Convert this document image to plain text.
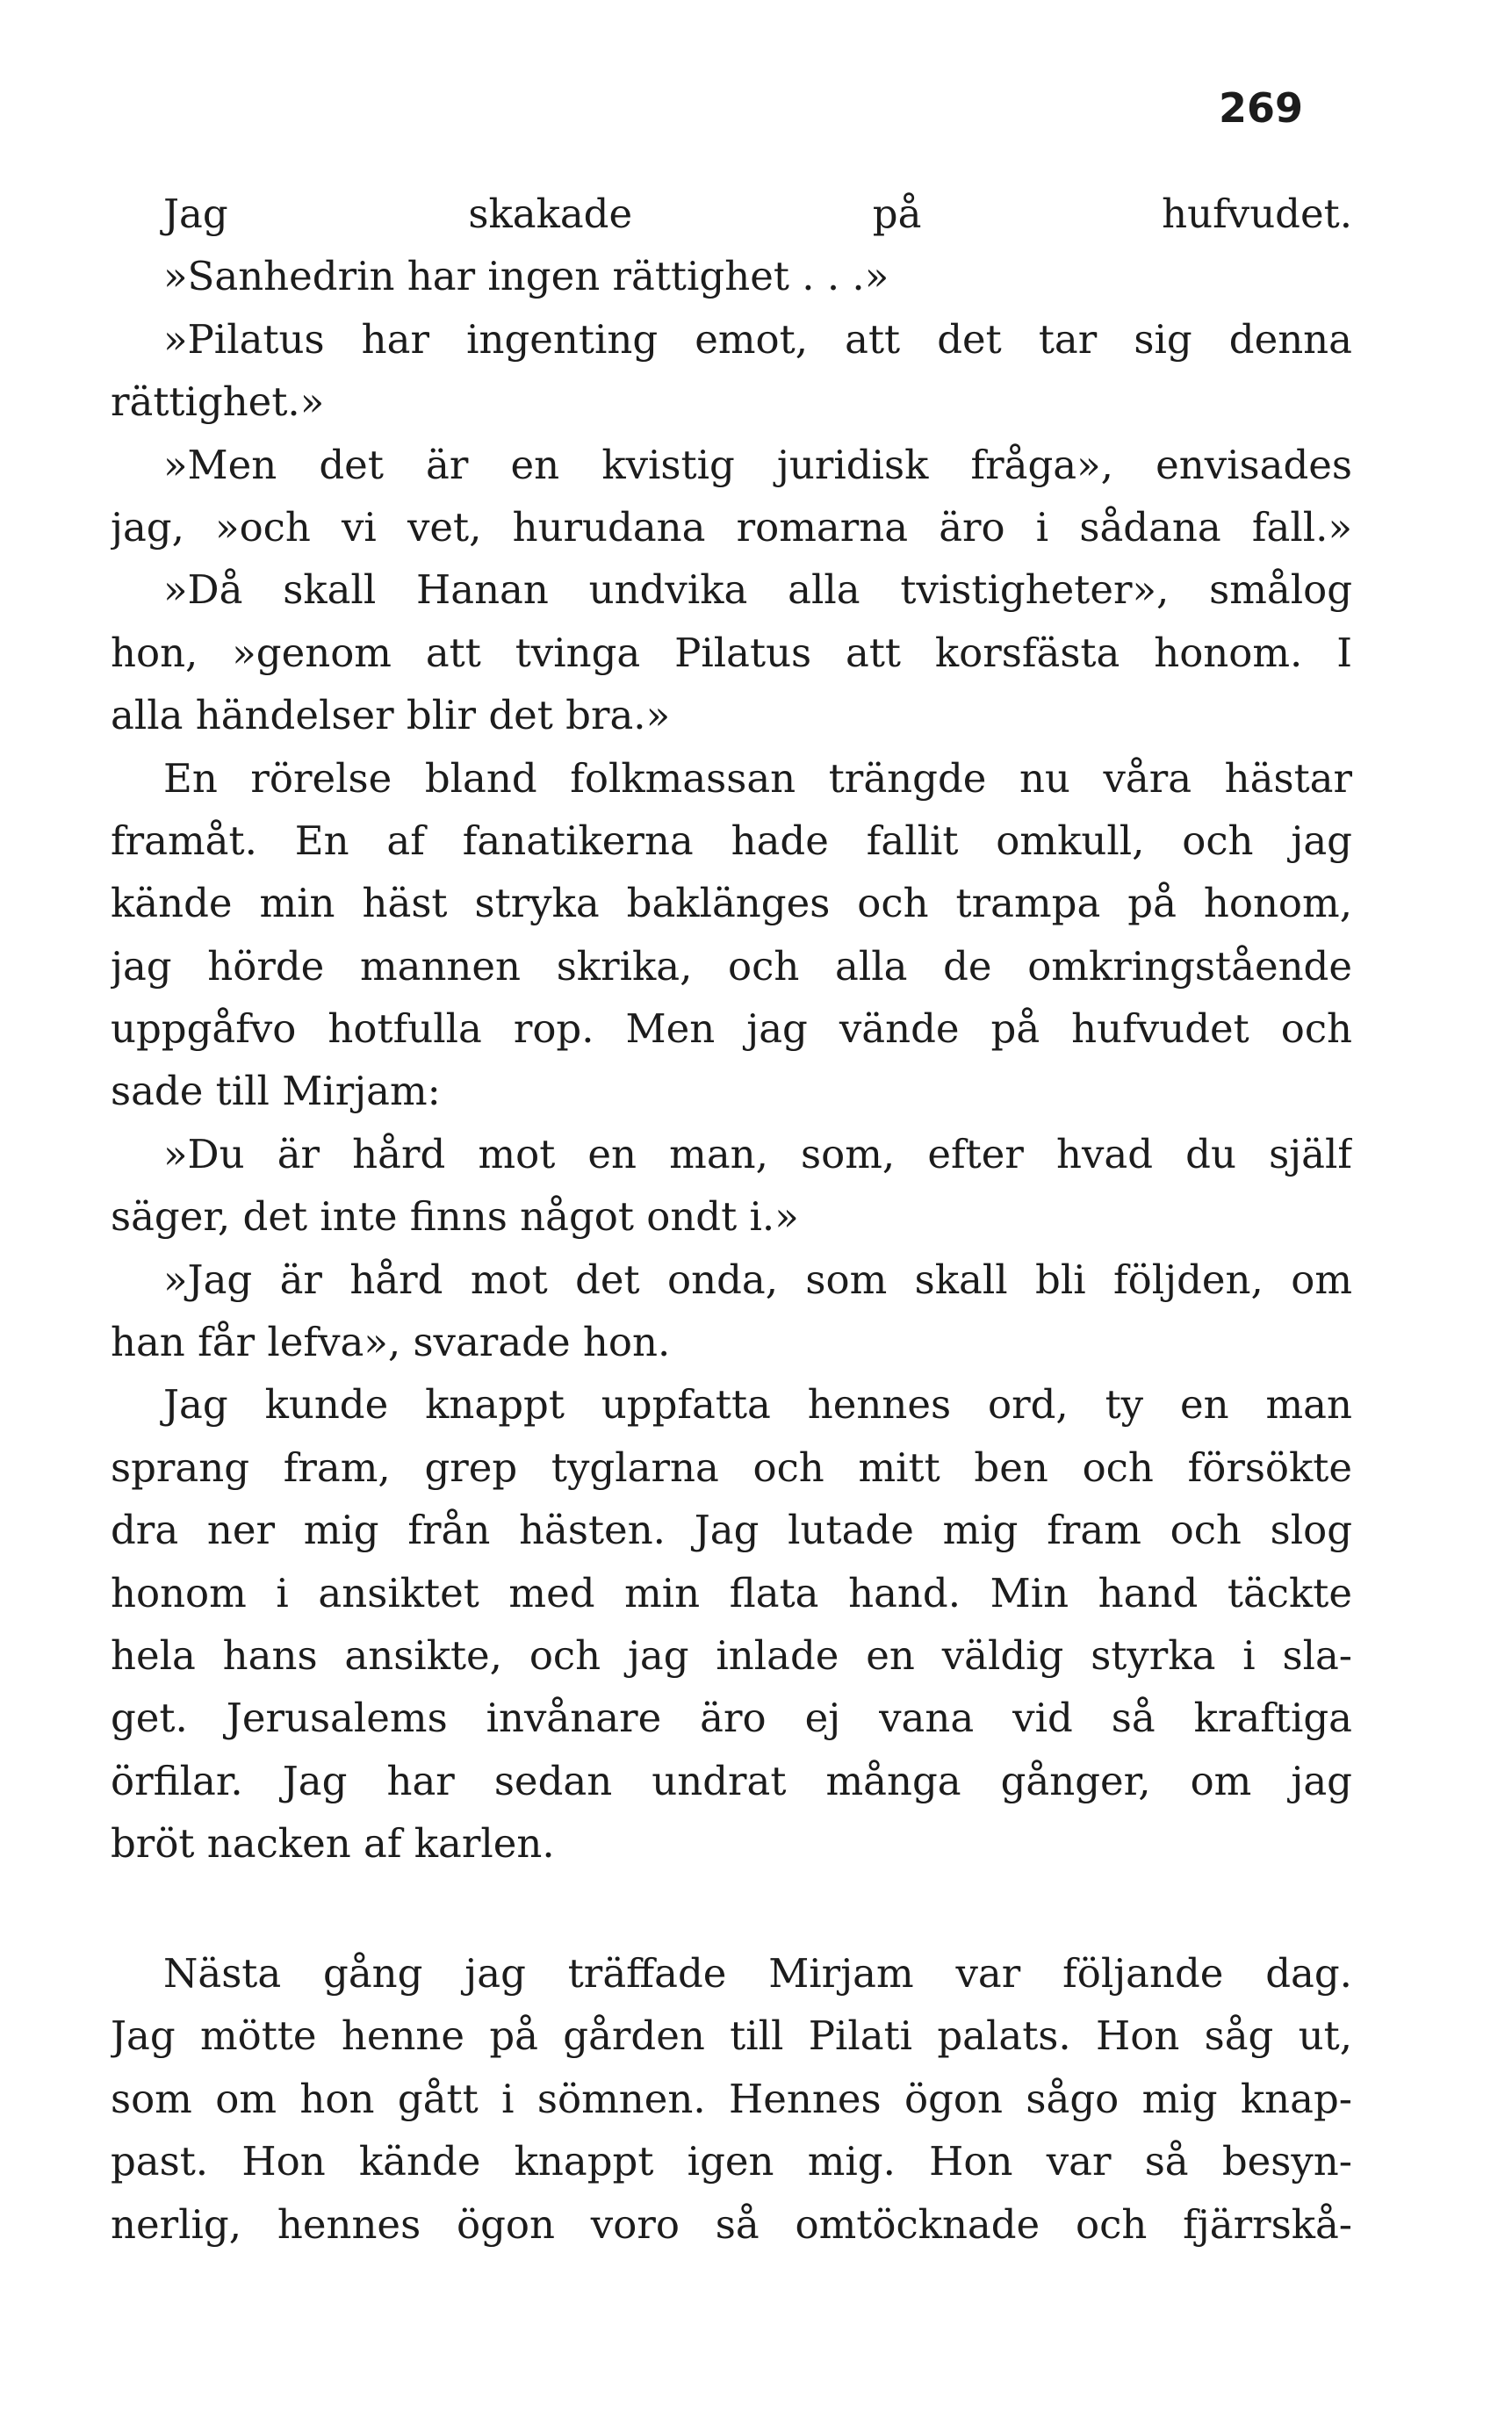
269
Jag skakade på hufvudet.
»Sanhedrin har ingen rättighet . . .»
»Pilatus har ingenting emot, att det tar sig denna
rättighet.»
»Men det är en kvistig juridisk fråga», envisades
jag, »och vi vet, hurudana romarna äro i sådana fall.»
»Då skall Hanan undvika alla tvistigheter», smålog
hon, »genom att tvinga Pilatus att korsfästa honom. I
alla händelser blir det bra.»
En rörelse bland folkmassan trängde nu våra hästar
framåt. En af fanatikerna hade fallit omkull, och jag
kände min häst stryka baklänges och trampa på honom,
jag hörde mannen skrika, och alla de omkringstående
uppgåfvo hotfulla rop. Men jag vände på hufvudet och
sade till Mirjam:
»Du är hård mot en man, som, efter hvad du själf
säger, det inte finns något ondt i.»
»Jag är hård mot det onda, som skall bli följden, om
han får lefva», svarade hon.
Jag kunde knappt uppfatta hennes ord, ty en man
sprang fram, grep tyglarna och mitt ben och försökte
dra ner mig från hästen. Jag lutade mig fram och slog
honom i ansiktet med min flata hand. Min hand täckte
hela hans ansikte, och jag inlade en väldig styrka i sla-
get. Jerusalems invånare äro ej vana vid så kraftiga
örfilar. Jag har sedan undrat många gånger, om jag
bröt nacken af karlen.
Nästa gång jag träffade Mirjam var följande dag.
Jag mötte henne på gården till Pilati palats. Hon såg ut,
som om hon gått i sömnen. Hennes ögon sågo mig knap-
past. Hon kände knappt igen mig. Hon var så besyn-
nerlig, hennes ögon voro så omtöcknade och fjärrskå-
